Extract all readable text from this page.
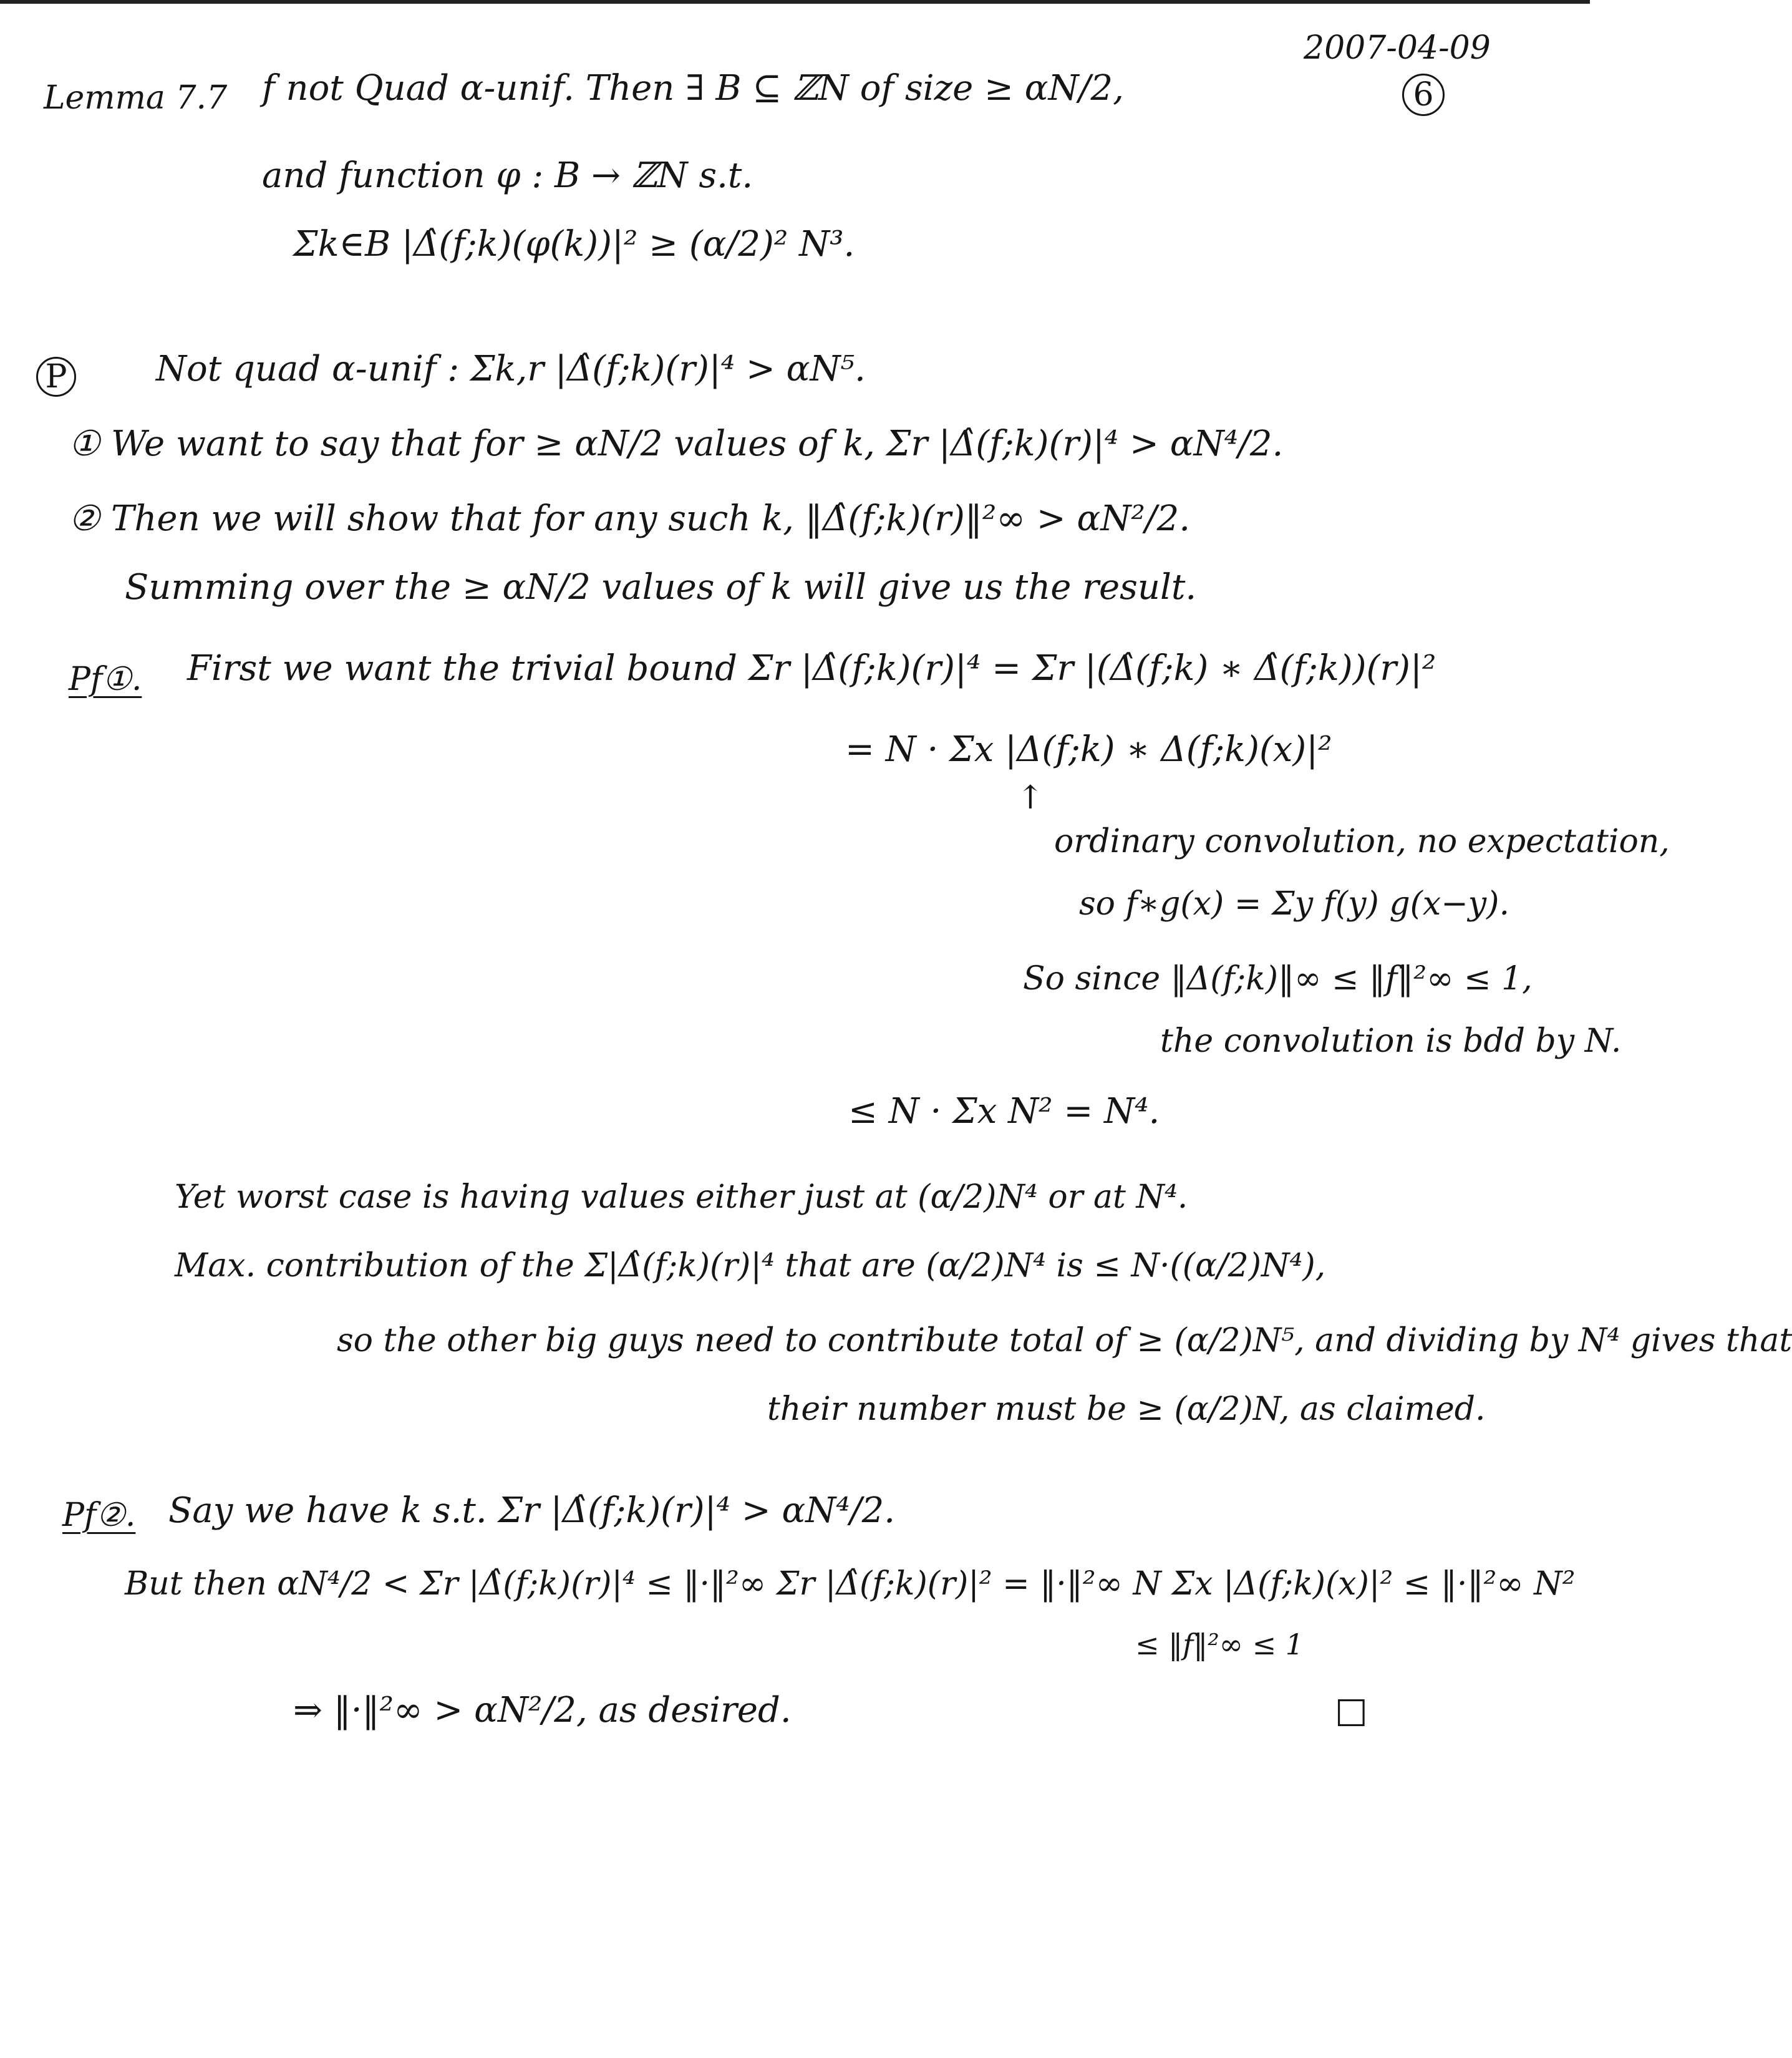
2007-04-09
6
Lemma 7.7 f not Quad α-unif. Then ∃ B ⊆ ℤN of size ≥ αN/2,
and function φ : B → ℤN s.t.
Σk∈B |Δ̂(f;k)(φ(k))|² ≥ (α/2)² N³.
P	Not quad α-unif : Σk,r |Δ̂(f;k)(r)|⁴ > αN⁵.
① We want to say that for ≥ αN/2 values of k, Σr |Δ̂(f;k)(r)|⁴ > αN⁴/2.
② Then we will show that for any such k, ‖Δ̂(f;k)(r)‖²∞ > αN²/2.
Summing over the ≥ αN/2 values of k will give us the result.
Pf①. First we want the trivial bound Σr |Δ̂(f;k)(r)|⁴ = Σr |(Δ̂(f;k) ∗ Δ̂(f;k))(r)|²
= N · Σx |Δ(f;k) ∗ Δ(f;k)(x)|²
↑
ordinary convolution, no expectation,
so f∗g(x) = Σy f(y) g(x−y).
So since ‖Δ(f;k)‖∞ ≤ ‖f‖²∞ ≤ 1,
the convolution is bdd by N.
≤ N · Σx N² = N⁴.
Yet worst case is having values either just at (α/2)N⁴ or at N⁴.
Max. contribution of the Σ|Δ̂(f;k)(r)|⁴ that are (α/2)N⁴ is ≤ N·((α/2)N⁴),
so the other big guys need to contribute total of ≥ (α/2)N⁵, and dividing by N⁴ gives that
their number must be ≥ (α/2)N, as claimed.
Pf②. Say we have k s.t. Σr |Δ̂(f;k)(r)|⁴ > αN⁴/2.
But then αN⁴/2 < Σr |Δ̂(f;k)(r)|⁴ ≤ ‖·‖²∞ Σr |Δ̂(f;k)(r)|² = ‖·‖²∞ N Σx |Δ(f;k)(x)|² ≤ ‖·‖²∞ N²
≤ ‖f‖²∞ ≤ 1
⇒ ‖·‖²∞ > αN²/2, as desired.	□
